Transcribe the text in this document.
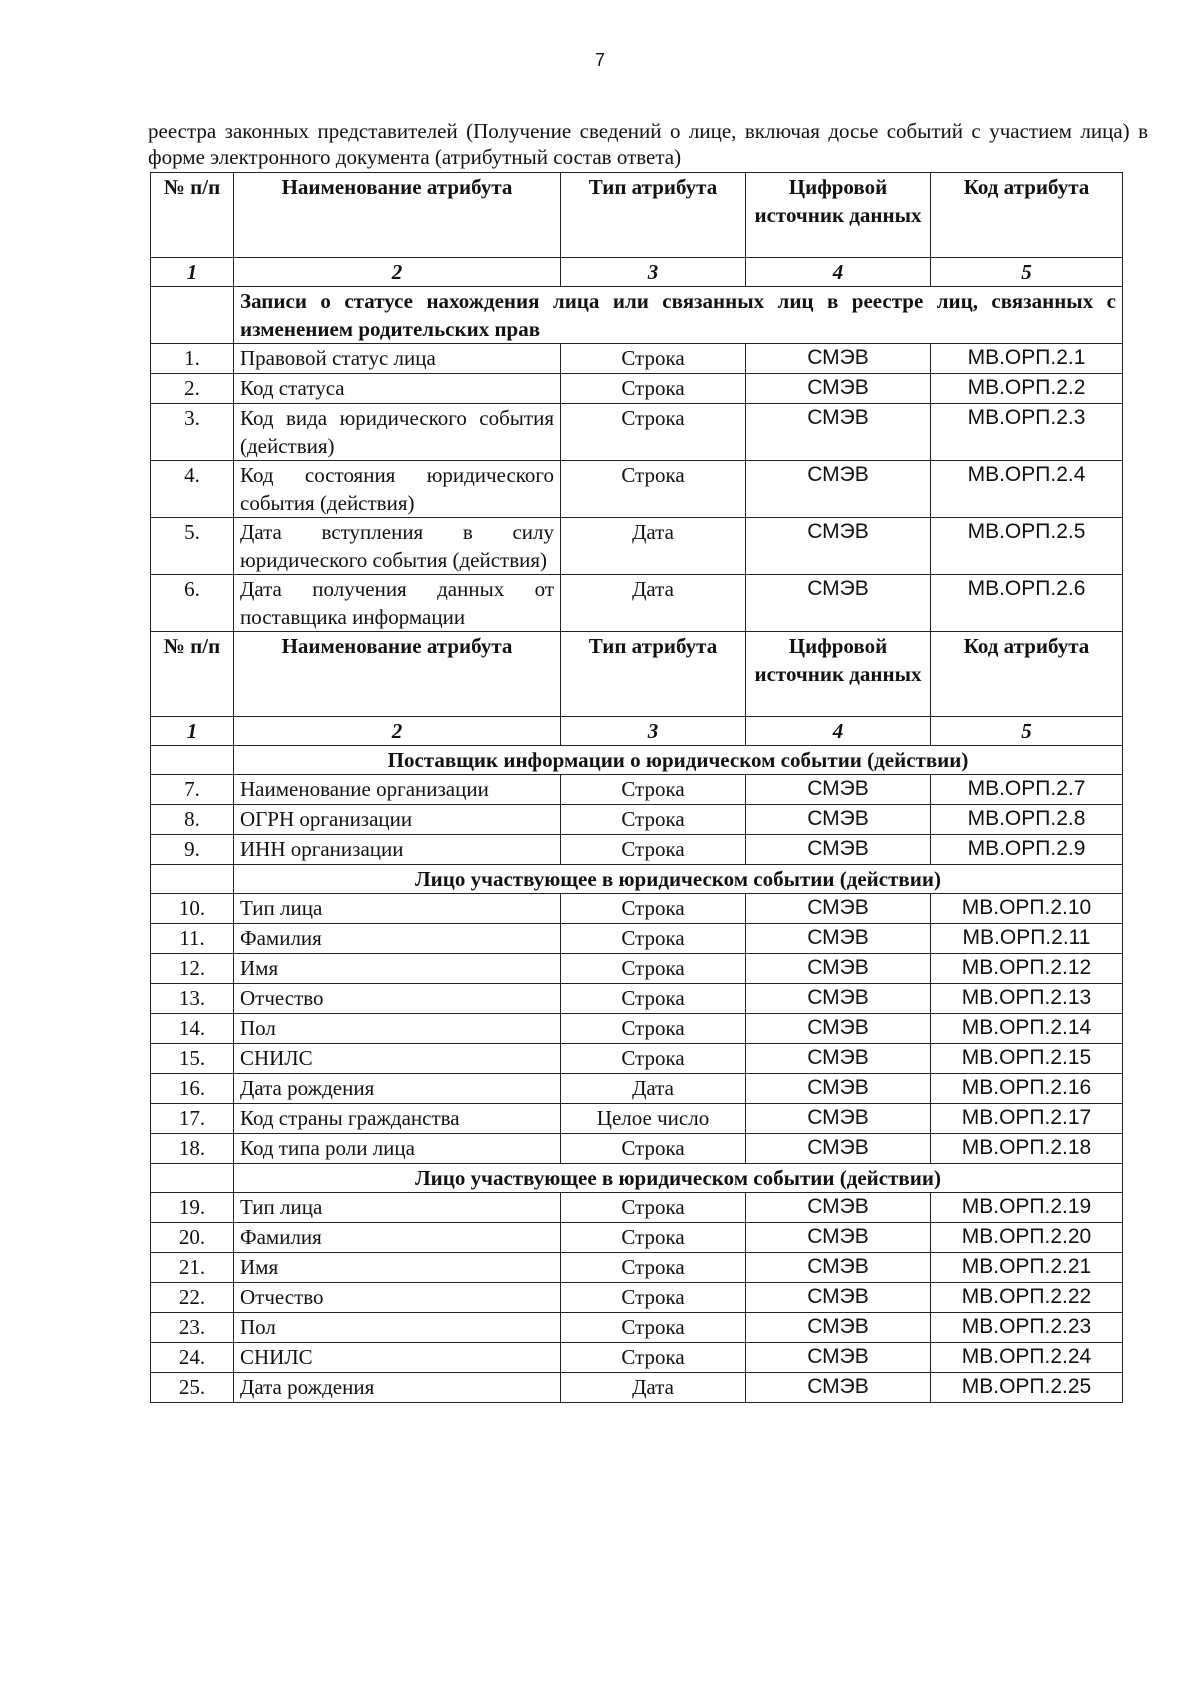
7
реестра законных представителей (Получение сведений о лице, включая досье событий с участием лица) в форме электронного документа (атрибутный состав ответа)
№ п/п	Наименование атрибута	Тип атрибута	Цифровой источник данных	Код атрибута
1	2	3	4	5
	Записи о статусе нахождения лица или связанных лиц в реестре лиц, связанных с изменением родительских прав			
1.	Правовой статус лица	Строка	СМЭВ	МВ.ОРП.2.1
2.	Код статуса	Строка	СМЭВ	МВ.ОРП.2.2
3.	Код вида юридического события (действия)	Строка	СМЭВ	МВ.ОРП.2.3
4.	Код состояния юридического события (действия)	Строка	СМЭВ	МВ.ОРП.2.4
5.	Дата вступления в силу юридического события (действия)	Дата	СМЭВ	МВ.ОРП.2.5
6.	Дата получения данных от поставщика информации	Дата	СМЭВ	МВ.ОРП.2.6
№ п/п	Наименование атрибута	Тип атрибута	Цифровой источник данных	Код атрибута
1	2	3	4	5
	Поставщик информации о юридическом событии (действии)			
7.	Наименование организации	Строка	СМЭВ	МВ.ОРП.2.7
8.	ОГРН организации	Строка	СМЭВ	МВ.ОРП.2.8
9.	ИНН организации	Строка	СМЭВ	МВ.ОРП.2.9
	Лицо участвующее в юридическом событии (действии)			
10.	Тип лица	Строка	СМЭВ	МВ.ОРП.2.10
11.	Фамилия	Строка	СМЭВ	МВ.ОРП.2.11
12.	Имя	Строка	СМЭВ	МВ.ОРП.2.12
13.	Отчество	Строка	СМЭВ	МВ.ОРП.2.13
14.	Пол	Строка	СМЭВ	МВ.ОРП.2.14
15.	СНИЛС	Строка	СМЭВ	МВ.ОРП.2.15
16.	Дата рождения	Дата	СМЭВ	МВ.ОРП.2.16
17.	Код страны гражданства	Целое число	СМЭВ	МВ.ОРП.2.17
18.	Код типа роли лица	Строка	СМЭВ	МВ.ОРП.2.18
	Лицо участвующее в юридическом событии (действии)			
19.	Тип лица	Строка	СМЭВ	МВ.ОРП.2.19
20.	Фамилия	Строка	СМЭВ	МВ.ОРП.2.20
21.	Имя	Строка	СМЭВ	МВ.ОРП.2.21
22.	Отчество	Строка	СМЭВ	МВ.ОРП.2.22
23.	Пол	Строка	СМЭВ	МВ.ОРП.2.23
24.	СНИЛС	Строка	СМЭВ	МВ.ОРП.2.24
25.	Дата рождения	Дата	СМЭВ	МВ.ОРП.2.25
